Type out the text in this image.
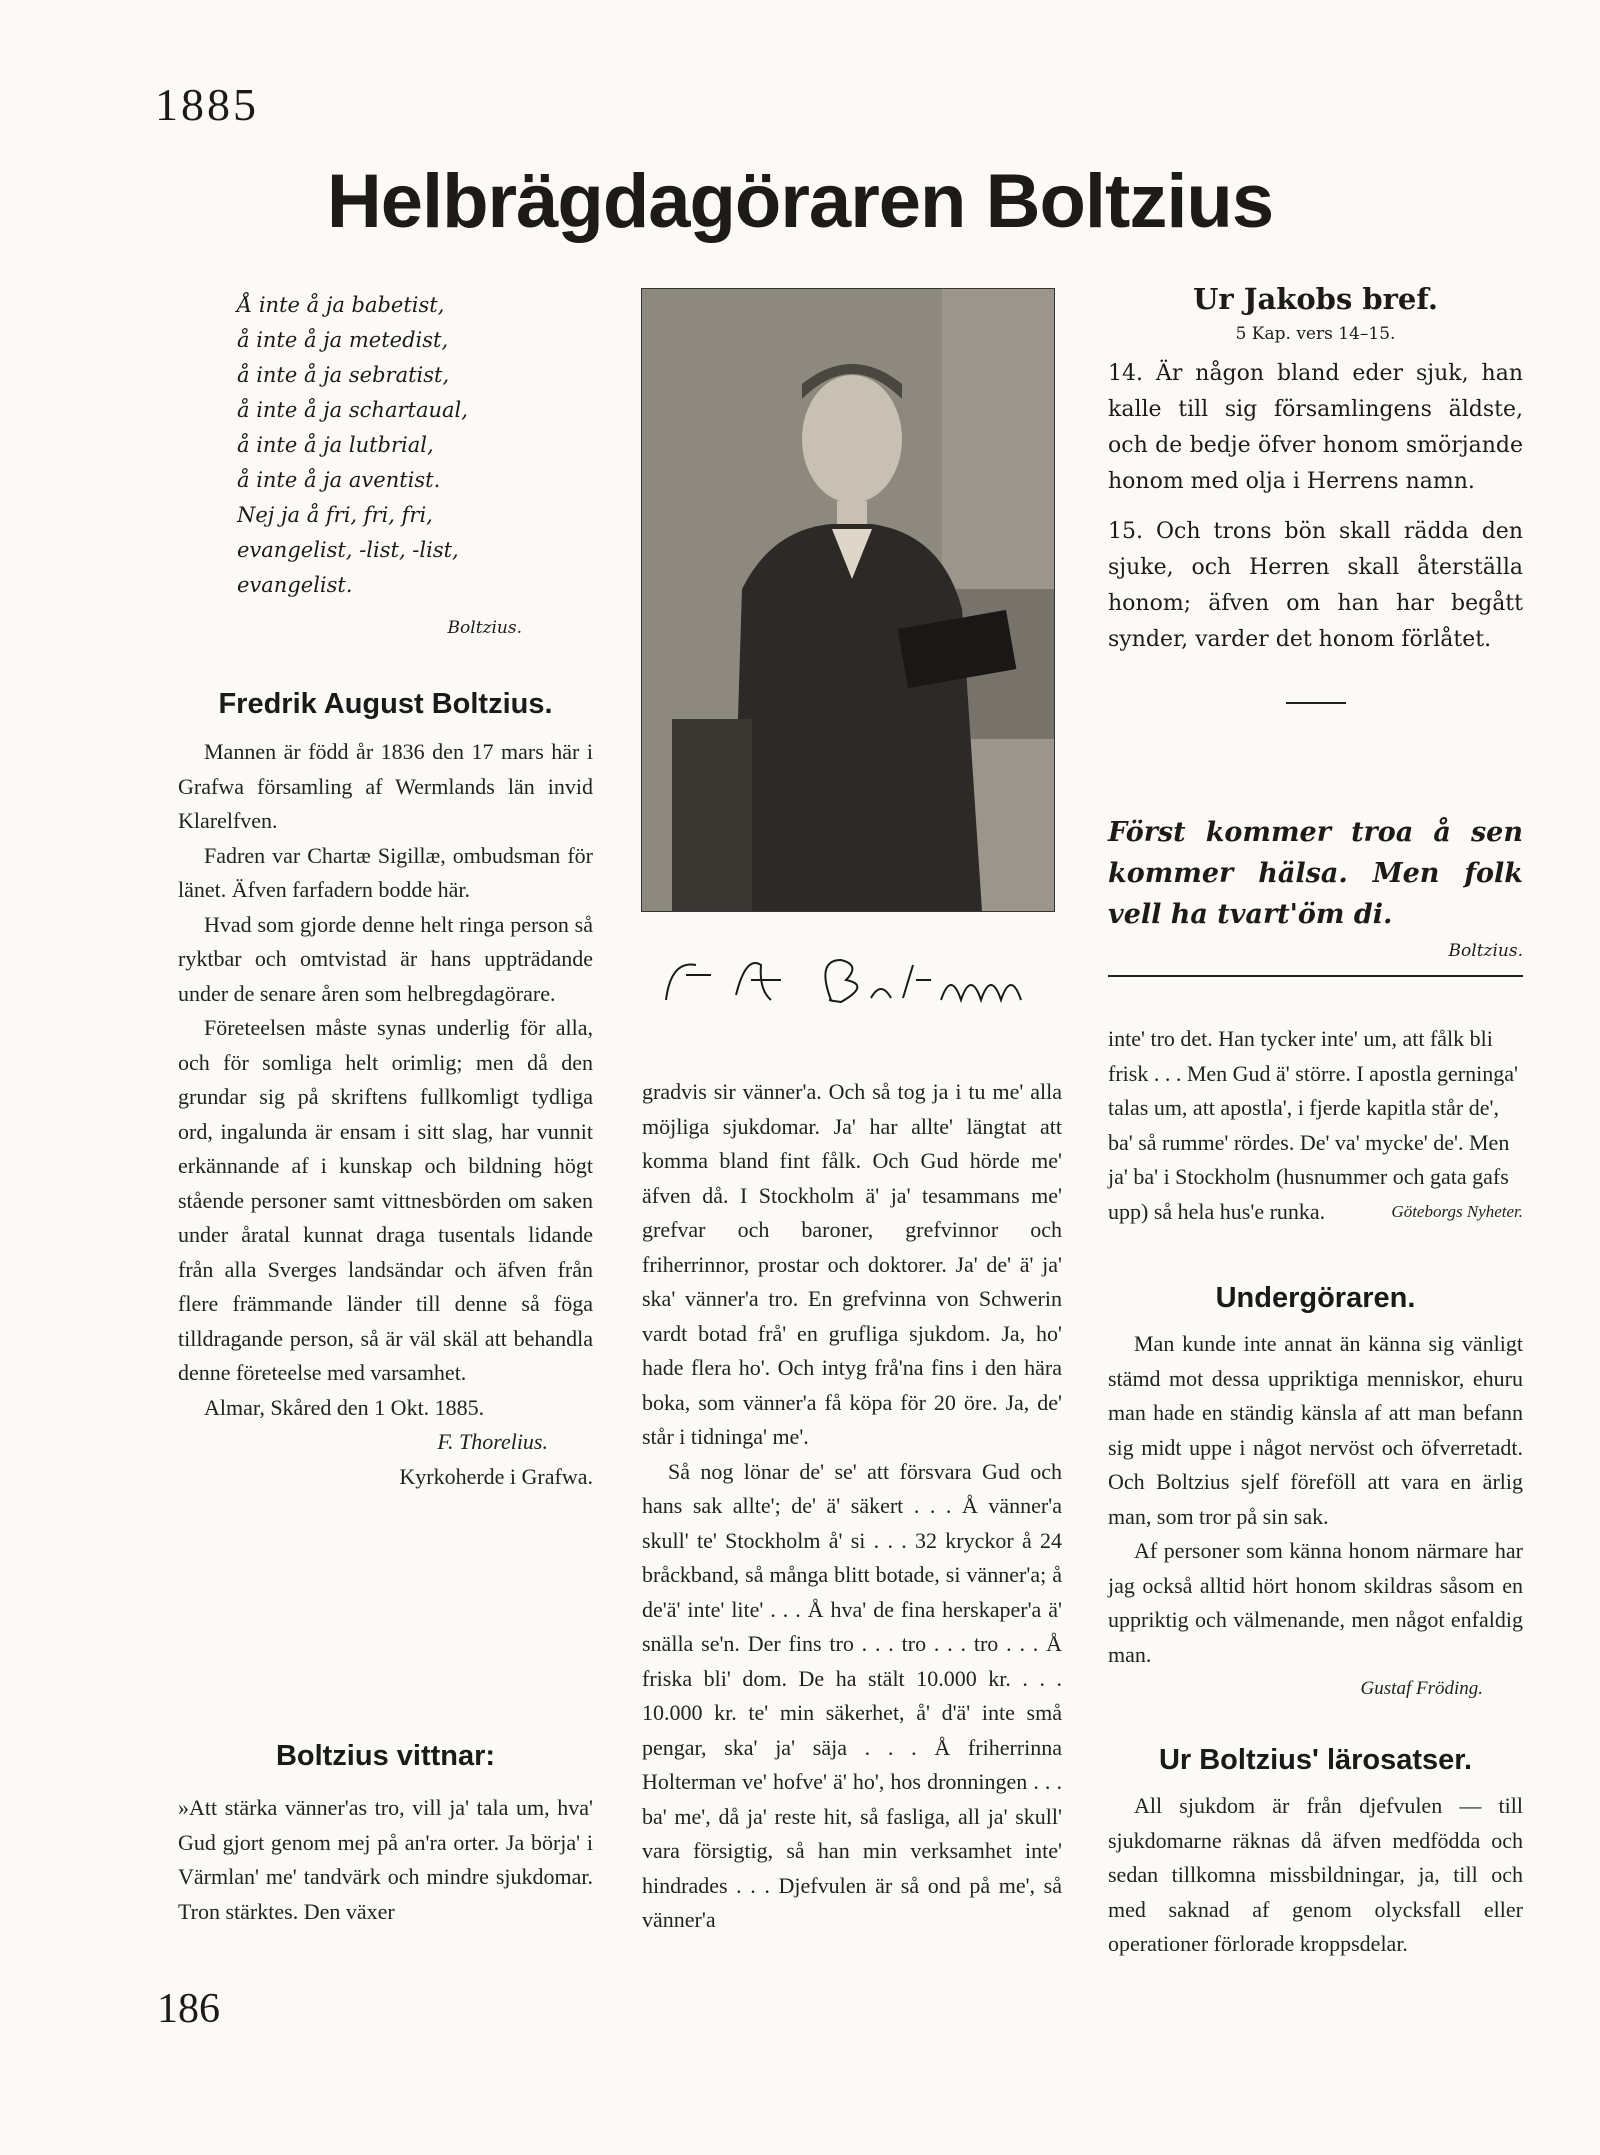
1885
Helbrägdagöraren Boltzius
Å inte å ja babetist,
å inte å ja metedist,
å inte å ja sebratist,
å inte å ja schartaual,
å inte å ja lutbrial,
å inte å ja aventist.
Nej ja å fri, fri, fri,
evangelist, -list, -list,
evangelist.
Boltzius.
Fredrik August Boltzius.

Mannen är född år 1836 den 17 mars här i Grafwa församling af Wermlands län invid Klarelfven.

Fadren var Chartæ Sigillæ, ombudsman för länet. Äfven farfadern bodde här.

Hvad som gjorde denne helt ringa person så ryktbar och omtvistad är hans uppträdande under de senare åren som helbregdagörare.

Företeelsen måste synas underlig för alla, och för somliga helt orimlig; men då den grundar sig på skriftens fullkomligt tydliga ord, ingalunda är ensam i sitt slag, har vunnit erkännande af i kunskap och bildning högt stående personer samt vittnesbörden om saken under åratal kunnat draga tusentals lidande från alla Sverges landsändar och äfven från flere främmande länder till denne så föga tilldragande person, så är väl skäl att behandla denne företeelse med varsamhet.

Almar, Skåred den 1 Okt. 1885.

F. Thorelius.
Kyrkoherde i Grafwa.
Boltzius vittnar:

»Att stärka vänner'as tro, vill ja' tala um, hva' Gud gjort genom mej på an'ra orter. Ja börja' i Värmlan' me' tandvärk och mindre sjukdomar. Tron stärktes. Den växer

gradvis sir vänner'a. Och så tog ja i tu me' alla möjliga sjukdomar. Ja' har allte' längtat att komma bland fint fålk. Och Gud hörde me' äfven då. I Stockholm ä' ja' tesammans me' grefvar och baroner, grefvinnor och friherrinnor, prostar och doktorer. Ja' de' ä' ja' ska' vänner'a tro. En grefvinna von Schwerin vardt botad frå' en grufliga sjukdom. Ja, ho' hade flera ho'. Och intyg frå'na fins i den hära boka, som vänner'a få köpa för 20 öre. Ja, de' står i tidninga' me'.

Så nog lönar de' se' att försvara Gud och hans sak allte'; de' ä' säkert . . . Å vänner'a skull' te' Stockholm å' si . . . 32 kryckor å 24 bråckband, så många blitt botade, si vänner'a; å de'ä' inte' lite' . . . Å hva' de fina herskaper'a ä' snälla se'n. Der fins tro . . . tro . . . tro . . . Å friska bli' dom. De ha stält 10.000 kr. . . . 10.000 kr. te' min säkerhet, å' d'ä' inte små pengar, ska' ja' säja . . . Å friherrinna Holterman ve' hofve' ä' ho', hos dronningen . . . ba' me', då ja' reste hit, så fasliga, all ja' skull' vara försigtig, så han min verksamhet inte' hindrades . . . Djefvulen är så ond på me', så vänner'a

Ur Jakobs bref.
5 Kap. vers 14–15.
14. Är någon bland eder sjuk, han kalle till sig församlingens äldste, och de bedje öfver honom smörjande honom med olja i Herrens namn.
15. Och trons bön skall rädda den sjuke, och Herren skall återställa honom; äfven om han har begått synder, varder det honom förlåtet.
Först kommer troa å sen kommer hälsa. Men folk vell ha tvart'öm di.
Boltzius.
inte' tro det. Han tycker inte' um, att fålk bli frisk . . . Men Gud ä' större. I apostla gerninga' talas um, att apostla', i fjerde kapitla står de', ba' så rumme' rördes. De' va' mycke' de'. Men ja' ba' i Stockholm (husnummer och gata gafs upp) så hela hus'e runka.	Göteborgs Nyheter.
Undergöraren.

Man kunde inte annat än känna sig vänligt stämd mot dessa uppriktiga menniskor, ehuru man hade en ständig känsla af att man befann sig midt uppe i något nervöst och öfverretadt. Och Boltzius sjelf föreföll att vara en ärlig man, som tror på sin sak.

Af personer som känna honom närmare har jag också alltid hört honom skildras såsom en uppriktig och välmenande, men något enfaldig man.

Gustaf Fröding.
Ur Boltzius' lärosatser.

All sjukdom är från djefvulen — till sjukdomarne räknas då äfven medfödda och sedan tillkomna missbildningar, ja, till och med saknad af genom olycksfall eller operationer förlorade kroppsdelar.

186
